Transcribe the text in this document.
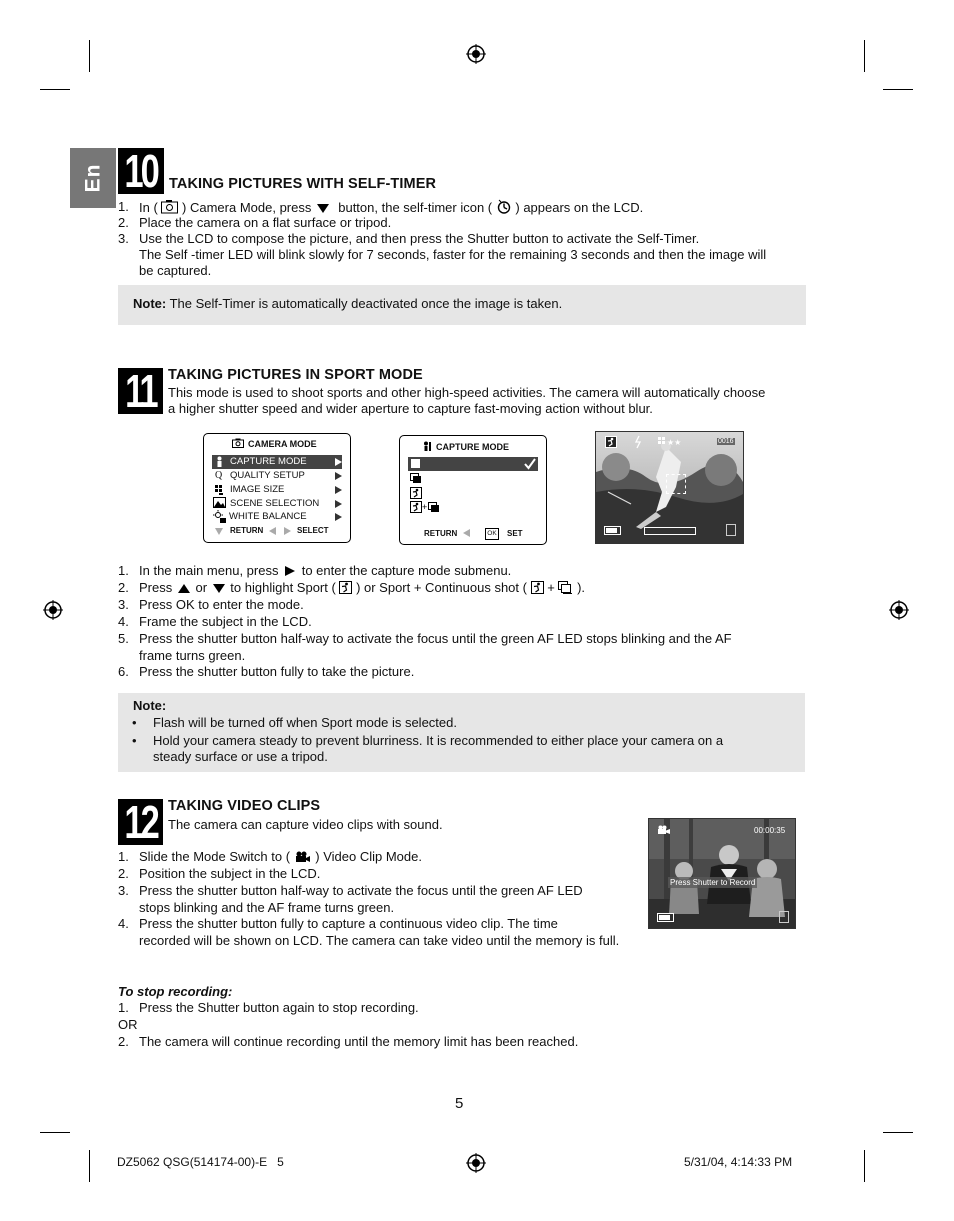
En 10 TAKING PICTURES WITH SELF-TIMER
1. In ( ) Camera Mode, press button, the self-timer icon ( ) appears on the LCD.
2. Place the camera on a flat surface or tripod.
3. Use the LCD to compose the picture, and then press the Shutter button to activate the Self-Timer.
The Self -timer LED will blink slowly for 7 seconds, faster for the remaining 3 seconds and then the image will
be captured.
Note: The Self-Timer is automatically deactivated once the image is taken.
11 TAKING PICTURES IN SPORT MODE
This mode is used to shoot sports and other high-speed activities. The camera will automatically choose
a higher shutter speed and wider aperture to capture fast-moving action without blur.
CAMERA MODE
CAPTURE MODE
Q QUALITY SETUP
IMAGE SIZE
SCENE SELECTION
WHITE BALANCE
RETURN	SELECT
CAPTURE MODE
+
RETURN	OK SET
★★	0016
1. In the main menu, press to enter the capture mode submenu.
2. Press or to highlight Sport ( ) or Sport + Continuous shot ( + ).
3. Press OK to enter the mode.
4. Frame the subject in the LCD.
5. Press the shutter button half-way to activate the focus until the green AF LED stops blinking and the AF
frame turns green.
6. Press the shutter button fully to take the picture.
Note:
• Flash will be turned off when Sport mode is selected.
• Hold your camera steady to prevent blurriness. It is recommended to either place your camera on a
steady surface or use a tripod.
12 TAKING VIDEO CLIPS
The camera can capture video clips with sound.
1. Slide the Mode Switch to ( ) Video Clip Mode.
2. Position the subject in the LCD.
3. Press the shutter button half-way to activate the focus until the green AF LED
stops blinking and the AF frame turns green.
4. Press the shutter button fully to capture a continuous video clip. The time
recorded will be shown on LCD. The camera can take video until the memory is full.
00:00:35
Press Shutter to Record
To stop recording:
1. Press the Shutter button again to stop recording.
OR
2. The camera will continue recording until the memory limit has been reached.
5
DZ5062 QSG(514174-00)-E   5	5/31/04, 4:14:33 PM
